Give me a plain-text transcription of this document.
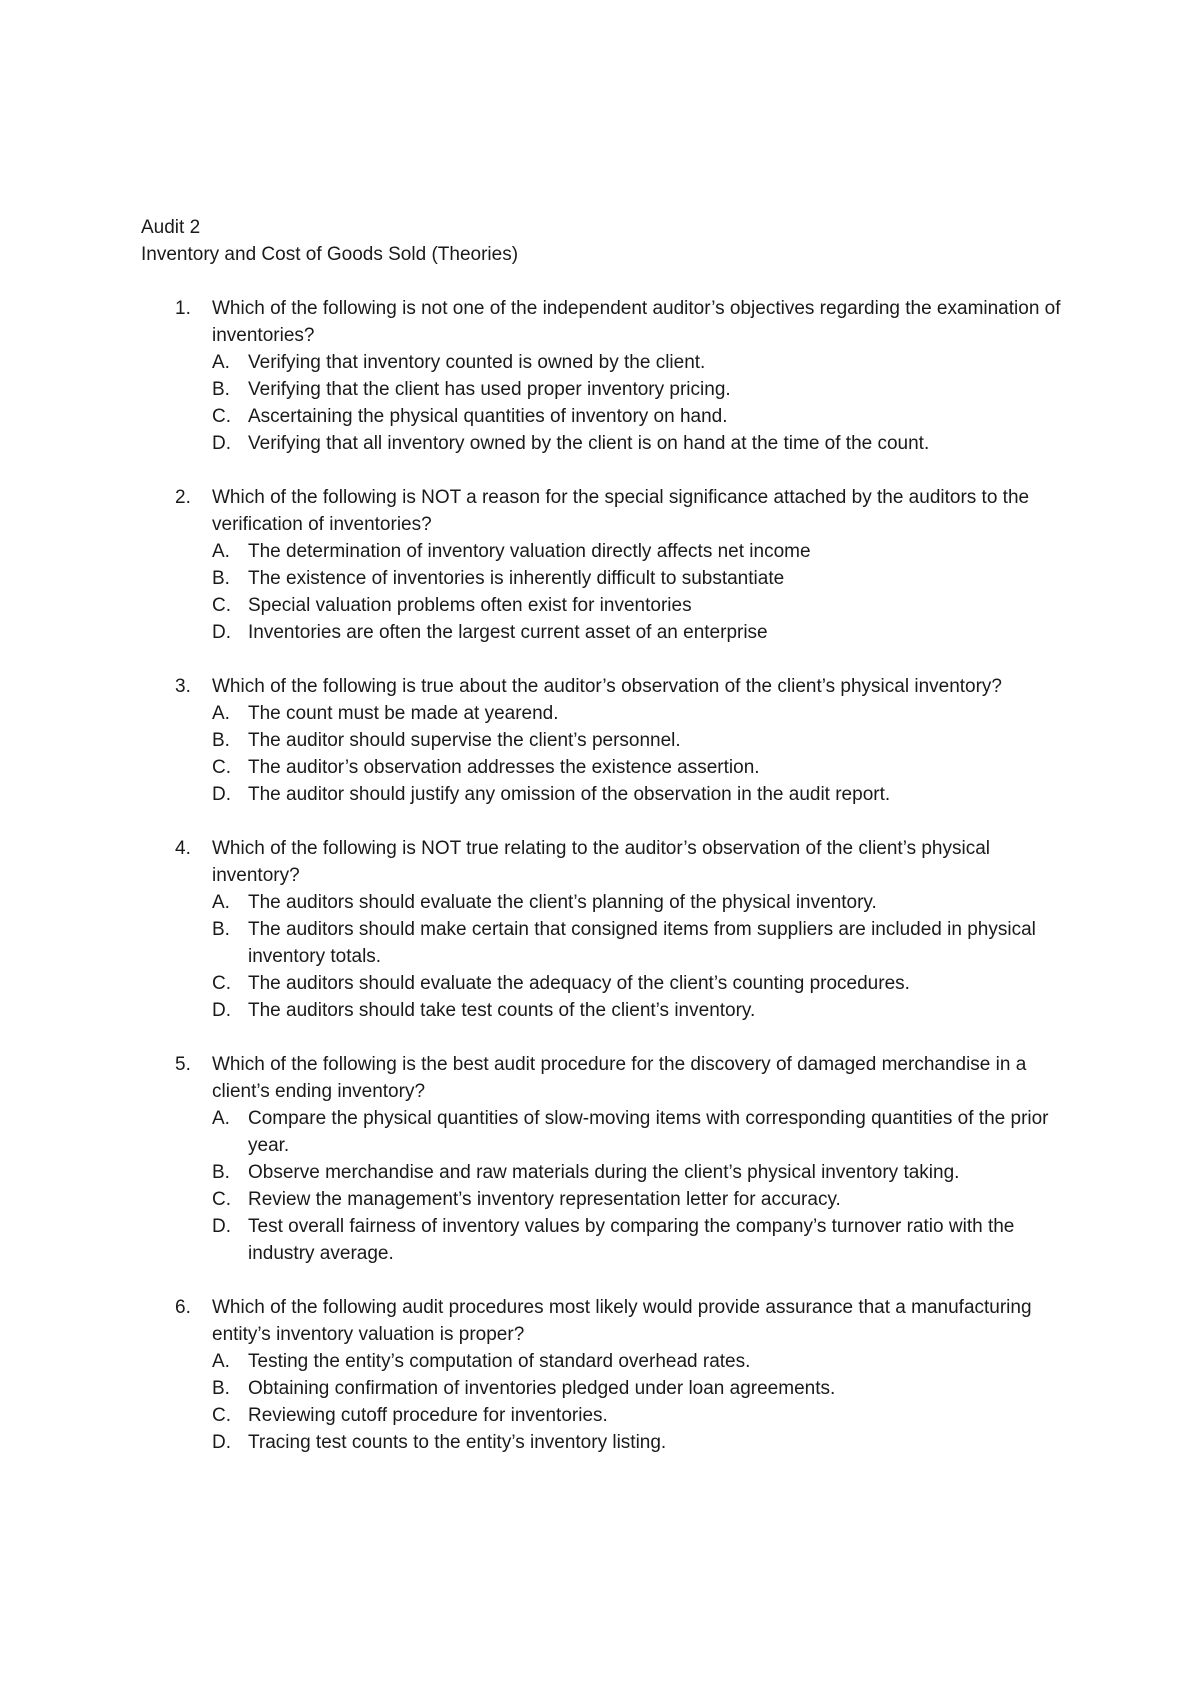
Audit 2

Inventory and Cost of Goods Sold (Theories)

1. Which of the following is not one of the independent auditor’s objectives regarding the examination of inventories?
A. Verifying that inventory counted is owned by the client.
B. Verifying that the client has used proper inventory pricing.
C. Ascertaining the physical quantities of inventory on hand.
D. Verifying that all inventory owned by the client is on hand at the time of the count.
2. Which of the following is NOT a reason for the special significance attached by the auditors to the verification of inventories?
A. The determination of inventory valuation directly affects net income
B. The existence of inventories is inherently difficult to substantiate
C. Special valuation problems often exist for inventories
D. Inventories are often the largest current asset of an enterprise
3. Which of the following is true about the auditor’s observation of the client’s physical inventory?
A. The count must be made at yearend.
B. The auditor should supervise the client’s personnel.
C. The auditor’s observation addresses the existence assertion.
D. The auditor should justify any omission of the observation in the audit report.
4. Which of the following is NOT true relating to the auditor’s observation of the client’s physical inventory?
A. The auditors should evaluate the client’s planning of the physical inventory.
B. The auditors should make certain that consigned items from suppliers are included in physical inventory totals.
C. The auditors should evaluate the adequacy of the client’s counting procedures.
D. The auditors should take test counts of the client’s inventory.
5. Which of the following is the best audit procedure for the discovery of damaged merchandise in a client’s ending inventory?
A. Compare the physical quantities of slow-moving items with corresponding quantities of the prior year.
B. Observe merchandise and raw materials during the client’s physical inventory taking.
C. Review the management’s inventory representation letter for accuracy.
D. Test overall fairness of inventory values by comparing the company’s turnover ratio with the industry average.
6. Which of the following audit procedures most likely would provide assurance that a manufacturing entity’s inventory valuation is proper?
A. Testing the entity’s computation of standard overhead rates.
B. Obtaining confirmation of inventories pledged under loan agreements.
C. Reviewing cutoff procedure for inventories.
D. Tracing test counts to the entity’s inventory listing.
